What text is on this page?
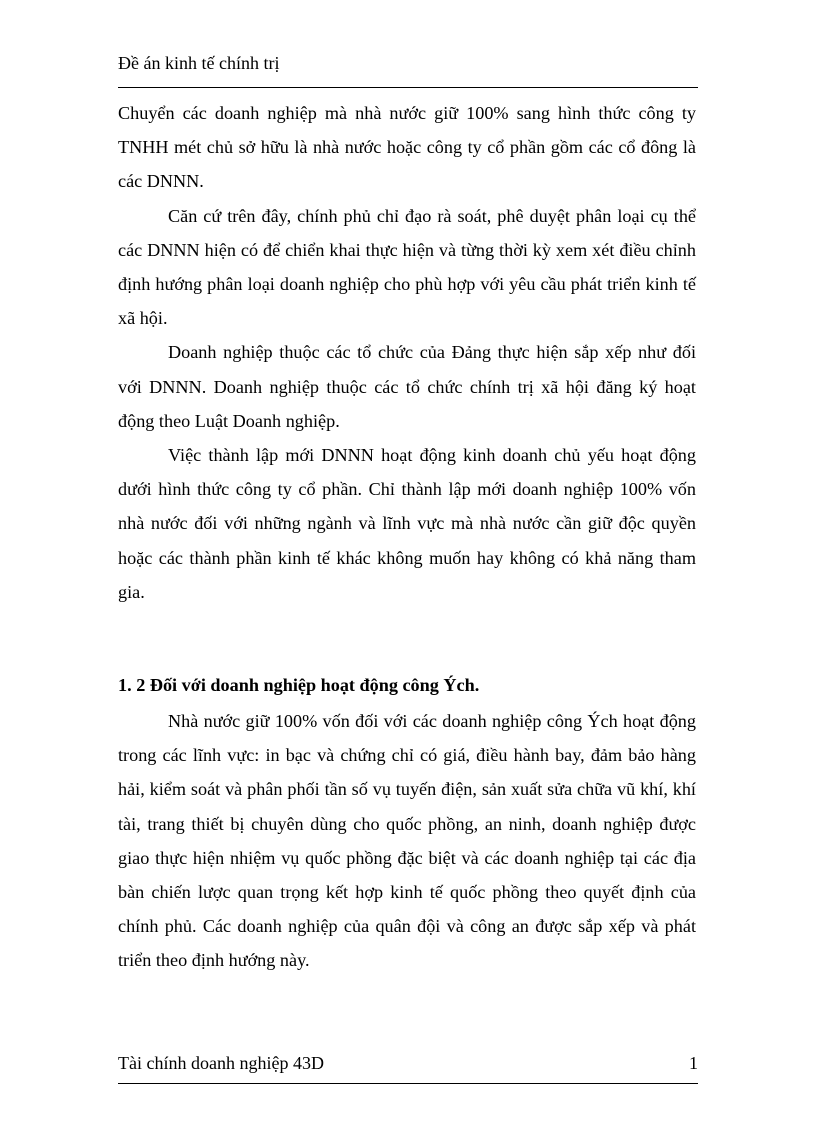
Đề án kinh tế chính trị

Chuyển các doanh nghiệp mà nhà nước giữ 100% sang hình thức công ty TNHH mét chủ sở hữu là nhà nước hoặc công ty cổ phần gồm các cổ đông là các DNNN.

Căn cứ trên đây, chính phủ chỉ đạo rà soát, phê duyệt phân loại cụ thể các DNNN hiện có để chiển khai thực hiện và từng thời kỳ xem xét điều chỉnh định hướng phân loại doanh nghiệp cho phù hợp với yêu cầu phát triển kinh tế xã hội.

Doanh nghiệp thuộc các tổ chức của Đảng thực hiện sắp xếp như đối với DNNN. Doanh nghiệp thuộc các tổ chức chính trị xã hội đăng ký hoạt động theo Luật Doanh nghiệp.

Việc thành lập mới DNNN hoạt động kinh doanh chủ yếu hoạt động dưới hình thức công ty cổ phần. Chỉ thành lập mới doanh nghiệp 100% vốn nhà nước đối với những ngành và lĩnh vực mà nhà nước cần giữ độc quyền hoặc các thành phần kinh tế khác không muốn hay không có khả năng tham gia.

1. 2 Đối với doanh nghiệp hoạt động công Ých.

Nhà nước giữ 100% vốn đối với các doanh nghiệp công Ých hoạt động trong các lĩnh vực: in bạc và chứng chỉ có giá, điều hành bay, đảm bảo hàng hải, kiểm soát và phân phối tần số vụ tuyến điện, sản xuất sửa chữa vũ khí, khí tài, trang thiết bị chuyên dùng cho quốc phồng, an ninh, doanh nghiệp được giao thực hiện nhiệm vụ quốc phồng đặc biệt và các doanh nghiệp tại các địa bàn chiến lược quan trọng kết hợp kinh tế quốc phồng theo quyết định của chính phủ. Các doanh nghiệp của quân đội và công an được sắp xếp và phát triển theo định hướng này.

Tài chính doanh nghiệp 43D	1
